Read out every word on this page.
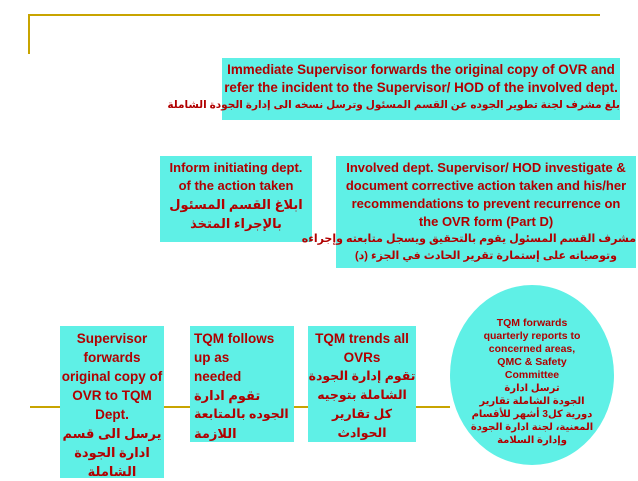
Immediate Supervisor forwards the original copy of OVR and
refer the incident to the Supervisor/ HOD of the involved dept.
بلغ مشرف لجنة تطوير الجوده عن القسم المسئول وترسل نسخه الى إدارة الجودة الشاملة
Inform initiating dept.
of the action taken
ابلاغ القسم المسئول
بالإجراء المتخذ
Involved dept. Supervisor/ HOD investigate &
document corrective action taken and his/her
recommendations to prevent recurrence on
the OVR form (Part D)
مشرف القسم المسئول يقوم بالتحقيق ويسجل متابعته وإجراءه
وتوصياته على إستمارة تقرير الحادث في الجزء (د)
Supervisor
forwards
original copy of
OVR to TQM
Dept.
يرسل الى قسم
ادارة الجودة
الشاملة
TQM follows
up as
needed
تقوم ادارة
الجوده بالمتابعة
اللازمة
TQM trends all
OVRs
تقوم إدارة الجودة
الشاملة بتوجيه
كل تقارير
الحوادث
TQM forwards
quarterly reports to
concerned areas,
QMC & Safety
Committee
ترسل ادارة
الجودة الشاملة تقارير
دورية كل3 أشهر للأقسام
المعنية، لجنة ادارة الجودة
وإدارة السلامة
